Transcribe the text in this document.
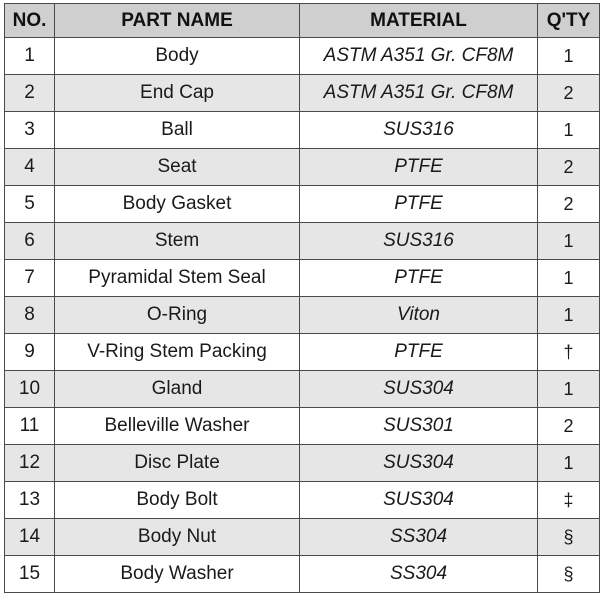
NO.	PART NAME	MATERIAL	Q'TY
1	Body	ASTM A351 Gr. CF8M	1
2	End Cap	ASTM A351 Gr. CF8M	2
3	Ball	SUS316	1
4	Seat	PTFE	2
5	Body Gasket	PTFE	2
6	Stem	SUS316	1
7	Pyramidal Stem Seal	PTFE	1
8	O-Ring	Viton	1
9	V-Ring Stem Packing	PTFE	†
10	Gland	SUS304	1
11	Belleville Washer	SUS301	2
12	Disc Plate	SUS304	1
13	Body Bolt	SUS304	‡
14	Body Nut	SS304	§
15	Body Washer	SS304	§
